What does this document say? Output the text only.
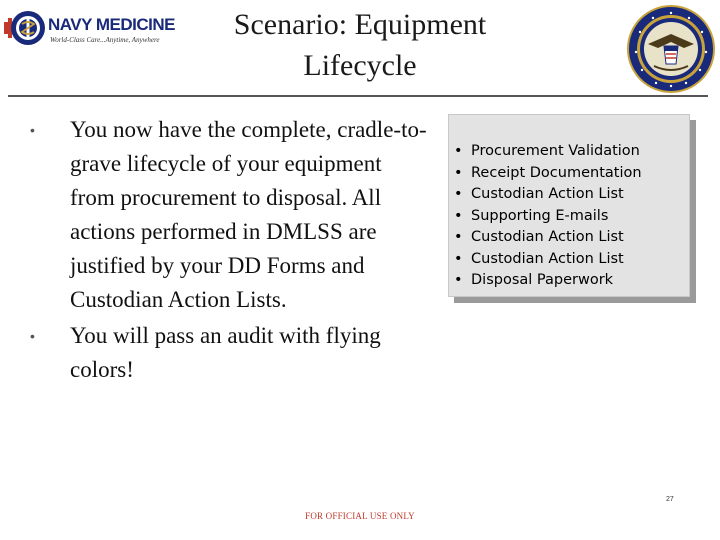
NAVY MEDICINE
World-Class Care...Anytime, Anywhere	Scenario: Equipment
Lifecycle
• You now have the complete, cradle-to-grave lifecycle of your equipment from procurement to disposal. All actions performed in DMLSS are justified by your DD Forms and Custodian Action Lists.
• You will pass an audit with flying colors!
• Procurement Validation
• Receipt Documentation
• Custodian Action List
• Supporting E-mails
• Custodian Action List
• Custodian Action List
• Disposal Paperwork
27
FOR OFFICIAL USE ONLY
